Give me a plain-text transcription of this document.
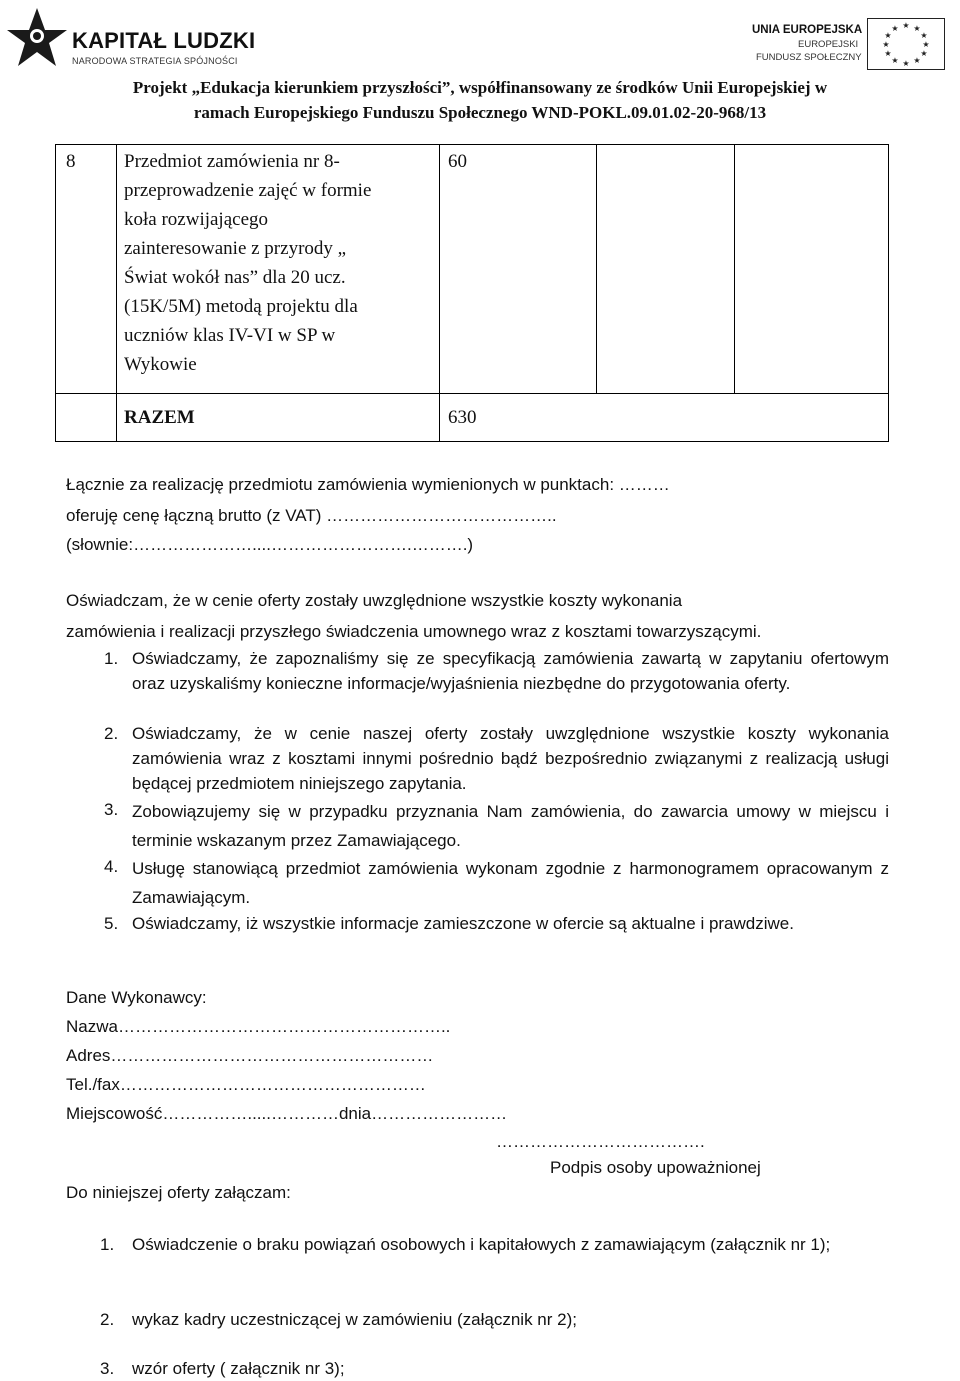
KAPITAŁ LUDZKI
NARODOWA STRATEGIA SPÓJNOŚCI
UNIA EUROPEJSKA
EUROPEJSKI
FUNDUSZ SPOŁECZNY
★ ★
★
★
★
★
★
★
★
★
★
★
Projekt „Edukacja kierunkiem przyszłości”, współfinansowany ze środków Unii Europejskiej w
ramach Europejskiego Funduszu Społecznego WND-POKL.09.01.02-20-968/13
8	Przedmiot zamówienia nr 8-
przeprowadzenie zajęć w formie
koła rozwijającego
zainteresowanie z przyrody „
Świat wokół nas” dla 20 ucz.
(15K/5M) metodą projektu dla
uczniów klas IV-VI w SP w
Wykowie
60
RAZEM	630
Łącznie za realizację przedmiotu zamówienia wymienionych w punktach: ………
oferuję cenę łączną brutto (z VAT) …………………………………..
(słownie:…………………....…………………….……….)
Oświadczam, że w cenie oferty zostały uwzględnione wszystkie koszty wykonania
zamówienia i realizacji przyszłego świadczenia umownego wraz z kosztami towarzyszącymi.
1. Oświadczamy, że zapoznaliśmy się ze specyfikacją zamówienia zawartą w zapytaniu ofertowym oraz uzyskaliśmy konieczne informacje/wyjaśnienia niezbędne do przygotowania oferty.
2. Oświadczamy, że w cenie naszej oferty zostały uwzględnione wszystkie koszty wykonania zamówienia wraz z kosztami innymi pośrednio bądź bezpośrednio związanymi z realizacją usługi będącej przedmiotem niniejszego zapytania.
3. Zobowiązujemy się w przypadku przyznania Nam zamówienia, do zawarcia umowy w miejscu i terminie wskazanym przez Zamawiającego.
4. Usługę stanowiącą przedmiot zamówienia wykonam zgodnie z harmonogramem opracowanym z Zamawiającym.
5. Oświadczamy, iż wszystkie informacje zamieszczone w ofercie są aktualne i prawdziwe.
Dane Wykonawcy:
Nazwa…………………………………………………..
Adres…………………………………………………
Tel./fax………………………………………………
Miejscowość…………….....…………dnia……………………
……………………………….
Podpis osoby upoważnionej
Do niniejszej oferty załączam:
1. Oświadczenie o braku powiązań osobowych i kapitałowych z zamawiającym (załącznik nr 1);
2. wykaz kadry uczestniczącej w zamówieniu (załącznik nr 2);
3. wzór oferty ( załącznik nr 3);
